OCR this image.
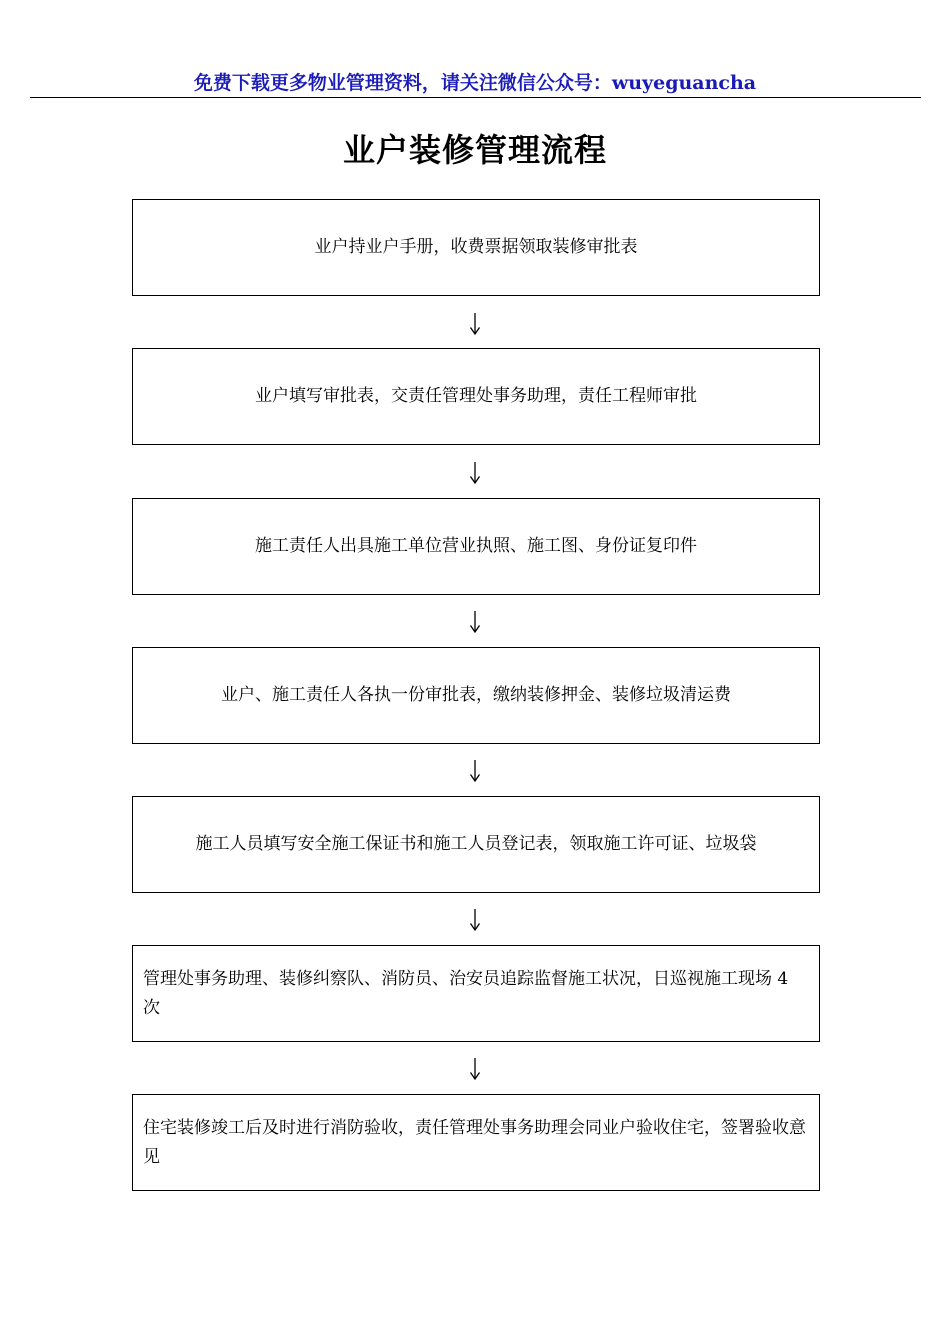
免费下载更多物业管理资料，请关注微信公众号：wuyeguancha
业户装修管理流程
业户持业户手册，收费票据领取装修审批表
业户填写审批表，交责任管理处事务助理，责任工程师审批
施工责任人出具施工单位营业执照、施工图、身份证复印件
业户、施工责任人各执一份审批表，缴纳装修押金、装修垃圾清运费
施工人员填写安全施工保证书和施工人员登记表，领取施工许可证、垃圾袋
管理处事务助理、装修纠察队、消防员、治安员追踪监督施工状况，日巡视施工现场 4 次
住宅装修竣工后及时进行消防验收，责任管理处事务助理会同业户验收住宅，签署验收意见
